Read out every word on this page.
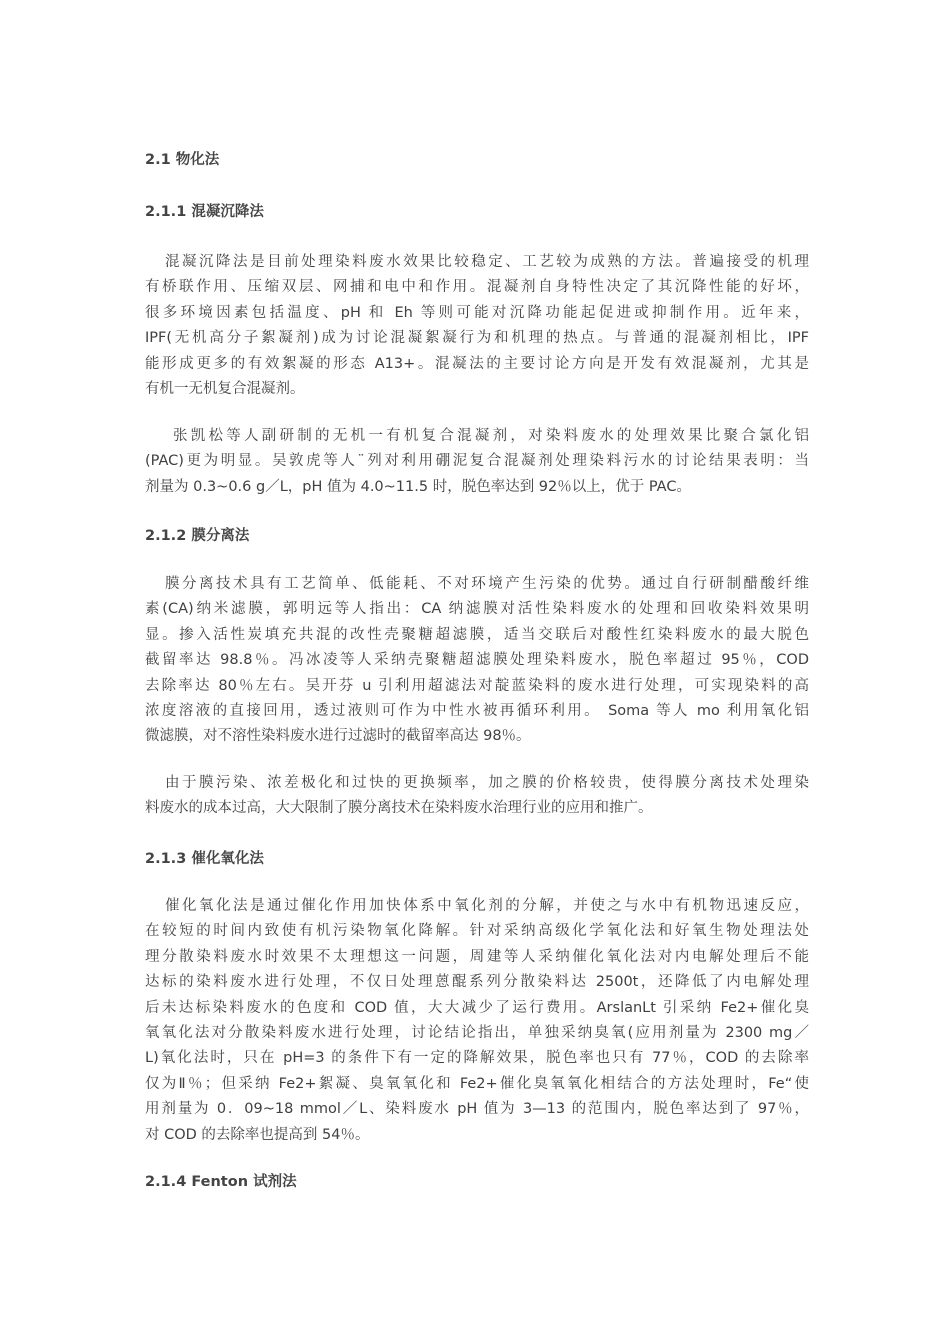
2.1 物化法

2.1.1 混凝沉降法

混凝沉降法是目前处理染料废水效果比较稳定、工艺较为成熟的方法。普遍接受的机理
有桥联作用、压缩双层、网捕和电中和作用。混凝剂自身特性决定了其沉降性能的好坏，
很多环境因素包括温度、pH 和 Eh 等则可能对沉降功能起促进或抑制作用。近年来，
IPF(无机高分子絮凝剂)成为讨论混凝絮凝行为和机理的热点。与普通的混凝剂相比，IPF
能形成更多的有效絮凝的形态 A13+。混凝法的主要讨论方向是开发有效混凝剂，尤其是
有机一无机复合混凝剂。
张凯松等人副研制的无机一有机复合混凝剂，对染料废水的处理效果比聚合氯化铝
(PAC)更为明显。吴敦虎等人¨列对利用硼泥复合混凝剂处理染料污水的讨论结果表明：当
剂量为 0.3~0.6 g／L，pH 值为 4.0~11.5 时，脱色率达到 92％以上，优于 PAC。

2.1.2 膜分离法

膜分离技术具有工艺简单、低能耗、不对环境产生污染的优势。通过自行研制醋酸纤维
素(CA)纳米滤膜，郭明远等人指出：CA 纳滤膜对活性染料废水的处理和回收染料效果明
显。掺入活性炭填充共混的改性壳聚糖超滤膜，适当交联后对酸性红染料废水的最大脱色
截留率达 98.8％。冯冰凌等人采纳壳聚糖超滤膜处理染料废水，脱色率超过 95％，COD
去除率达 80％左右。吴开芬 u 引利用超滤法对靛蓝染料的废水进行处理，可实现染料的高
浓度溶液的直接回用，透过液则可作为中性水被再循环利用。 Soma 等人 mo 利用氧化铝
微滤膜，对不溶性染料废水进行过滤时的截留率高达 98％。
由于膜污染、浓差极化和过快的更换频率，加之膜的价格较贵，使得膜分离技术处理染
料废水的成本过高，大大限制了膜分离技术在染料废水治理行业的应用和推广。

2.1.3 催化氧化法

催化氧化法是通过催化作用加快体系中氧化剂的分解，并使之与水中有机物迅速反应，
在较短的时间内致使有机污染物氧化降解。针对采纳高级化学氧化法和好氧生物处理法处
理分散染料废水时效果不太理想这一问题，周建等人采纳催化氧化法对内电解处理后不能
达标的染料废水进行处理，不仅日处理蒽醌系列分散染料达 2500t，还降低了内电解处理
后未达标染料废水的色度和 COD 值，大大减少了运行费用。ArslanLt 引采纳 Fe2+催化臭
氧氧化法对分散染料废水进行处理，讨论结论指出，单独采纳臭氧(应用剂量为 2300 mg／
L)氧化法时，只在 pH=3 的条件下有一定的降解效果，脱色率也只有 77％，COD 的去除率
仅为Ⅱ％；但采纳 Fe2+絮凝、臭氧氧化和 Fe2+催化臭氧氧化相结合的方法处理时，Fe“使
用剂量为 0．09~18 mmol／L、染料废水 pH 值为 3—13 的范围内，脱色率达到了 97％，
对 COD 的去除率也提高到 54％。

2.1.4 Fenton 试剂法
